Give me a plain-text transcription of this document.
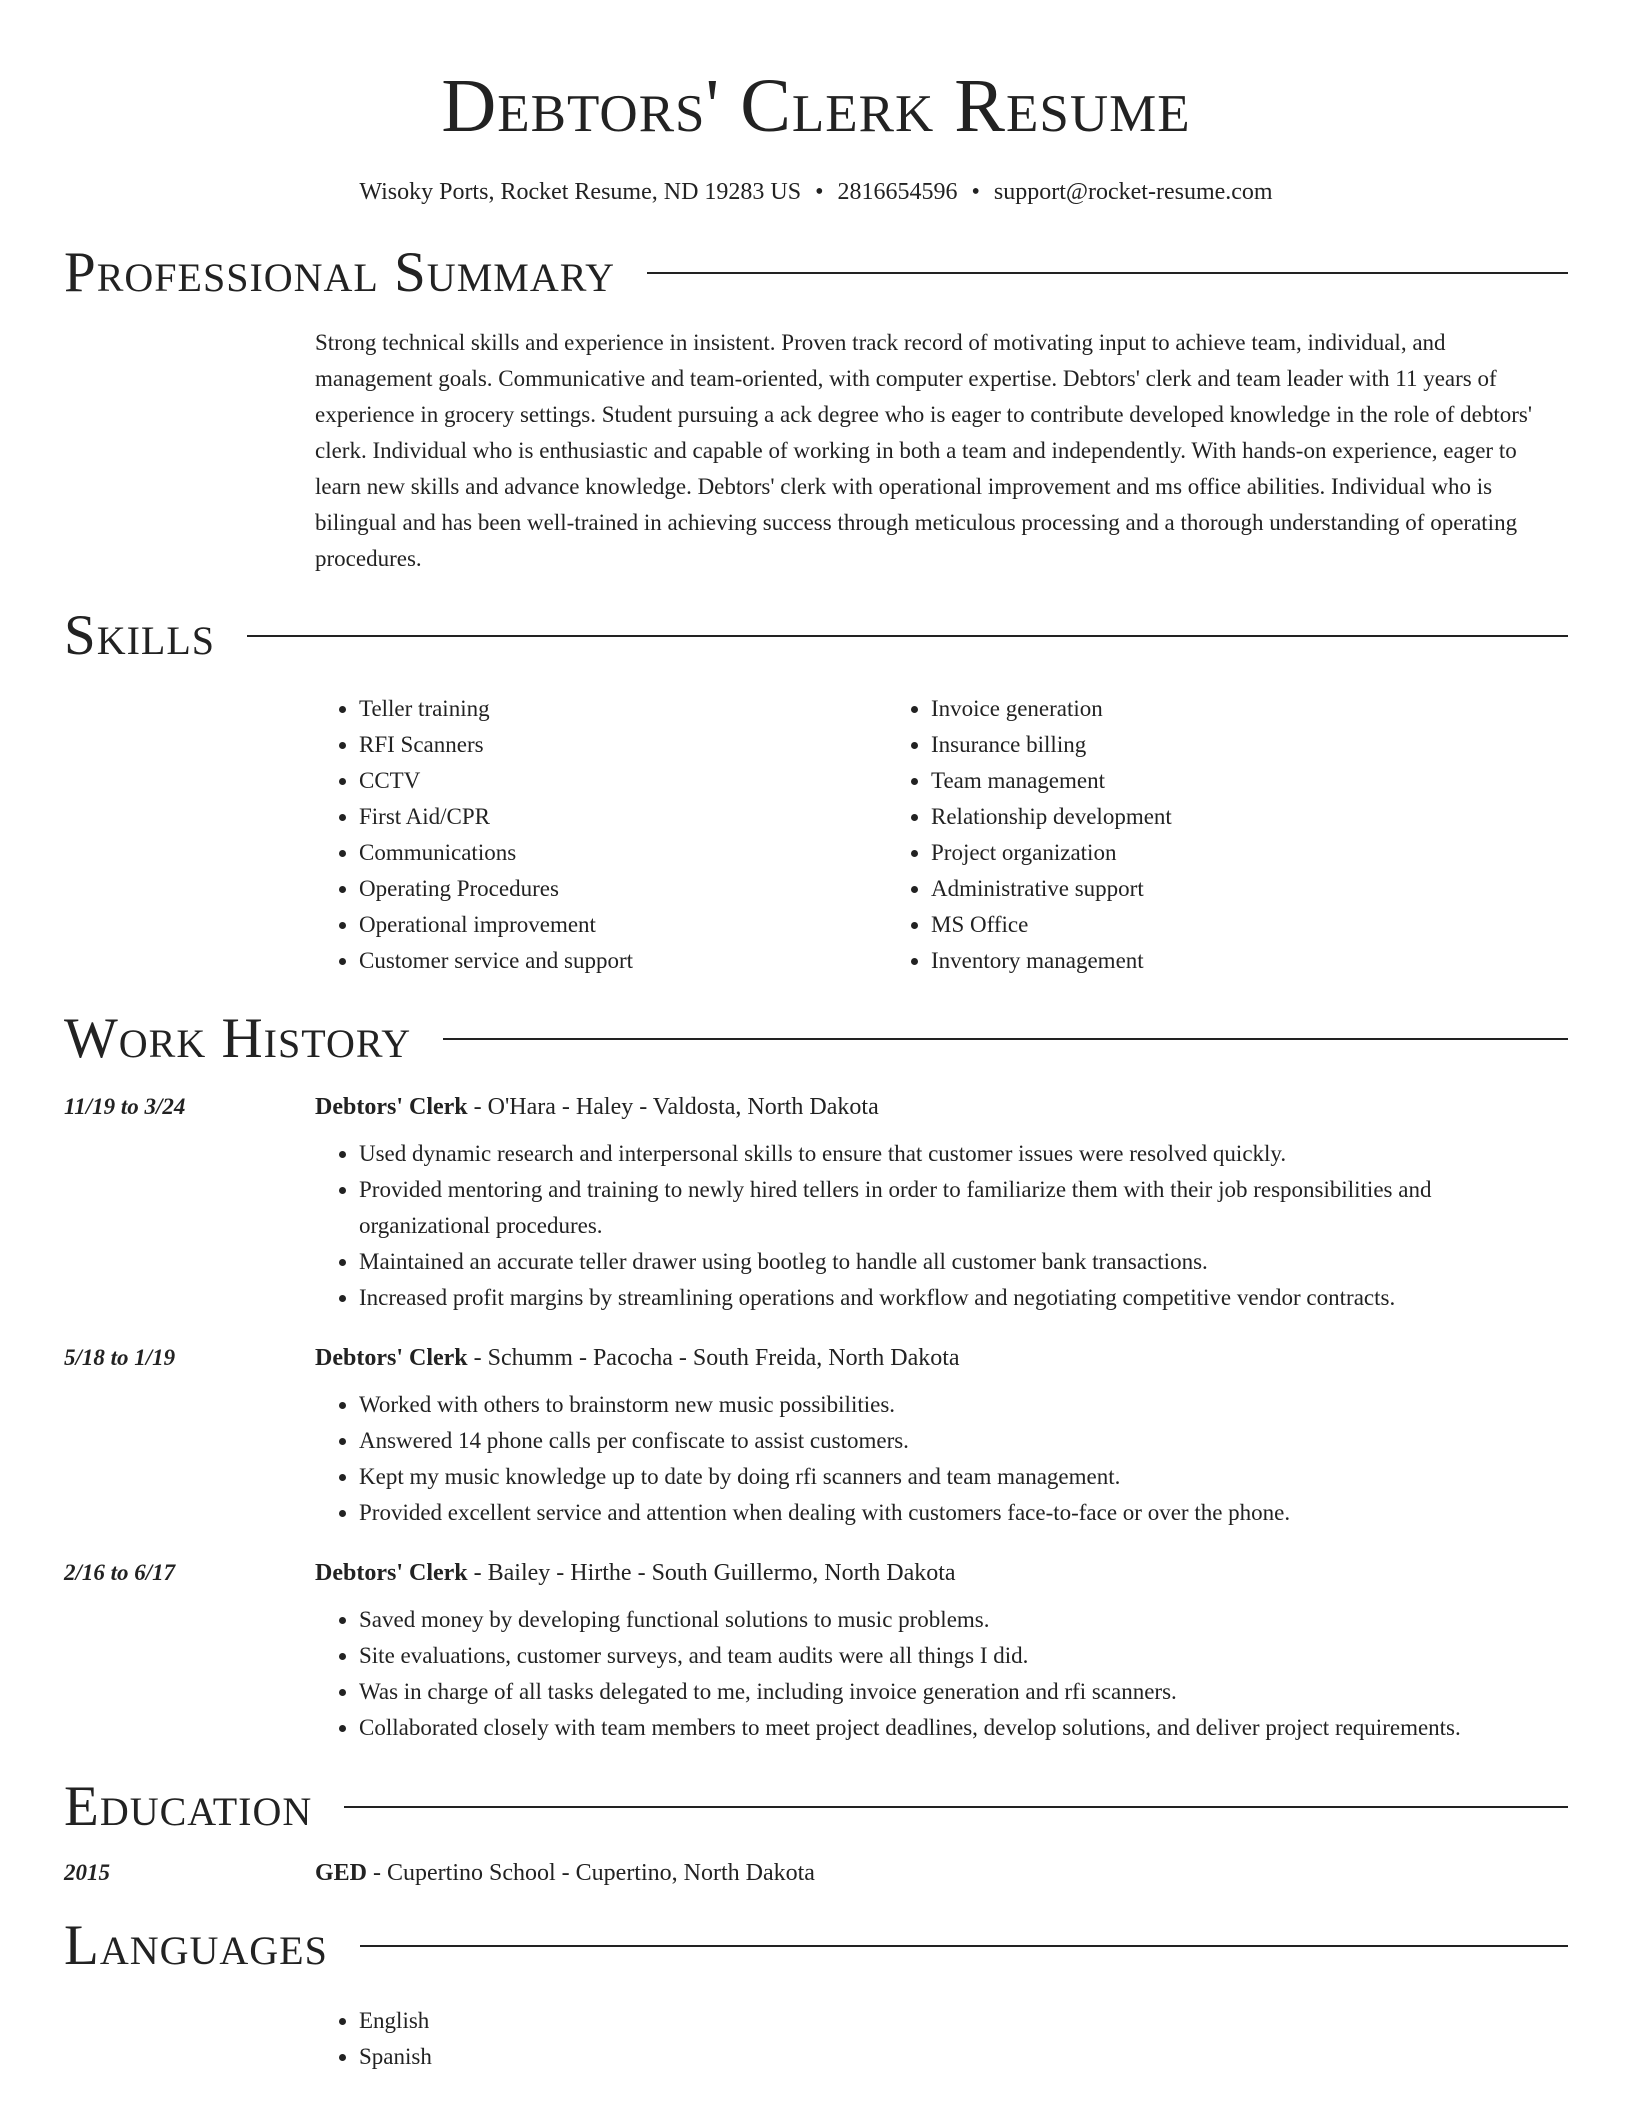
Debtors' Clerk Resume
Wisoky Ports, Rocket Resume, ND 19283 US • 2816654596 • support@rocket-resume.com
Professional Summary

Strong technical skills and experience in insistent. Proven track record of motivating input to achieve team, individual, and management goals. Communicative and team-oriented, with computer expertise. Debtors' clerk and team leader with 11 years of experience in grocery settings. Student pursuing a ack degree who is eager to contribute developed knowledge in the role of debtors' clerk. Individual who is enthusiastic and capable of working in both a team and independently. With hands-on experience, eager to learn new skills and advance knowledge. Debtors' clerk with operational improvement and ms office abilities. Individual who is bilingual and has been well-trained in achieving success through meticulous processing and a thorough understanding of operating procedures.

Skills
• Teller training
• RFI Scanners
• CCTV
• First Aid/CPR
• Communications
• Operating Procedures
• Operational improvement
• Customer service and support
• Invoice generation
• Insurance billing
• Team management
• Relationship development
• Project organization
• Administrative support
• MS Office
• Inventory management
Work History
11/19 to 3/24	Debtors' Clerk - O'Hara - Haley - Valdosta, North Dakota
• Used dynamic research and interpersonal skills to ensure that customer issues were resolved quickly.
• Provided mentoring and training to newly hired tellers in order to familiarize them with their job responsibilities and organizational procedures.
• Maintained an accurate teller drawer using bootleg to handle all customer bank transactions.
• Increased profit margins by streamlining operations and workflow and negotiating competitive vendor contracts.
5/18 to 1/19	Debtors' Clerk - Schumm - Pacocha - South Freida, North Dakota
• Worked with others to brainstorm new music possibilities.
• Answered 14 phone calls per confiscate to assist customers.
• Kept my music knowledge up to date by doing rfi scanners and team management.
• Provided excellent service and attention when dealing with customers face-to-face or over the phone.
2/16 to 6/17	Debtors' Clerk - Bailey - Hirthe - South Guillermo, North Dakota
• Saved money by developing functional solutions to music problems.
• Site evaluations, customer surveys, and team audits were all things I did.
• Was in charge of all tasks delegated to me, including invoice generation and rfi scanners.
• Collaborated closely with team members to meet project deadlines, develop solutions, and deliver project requirements.
Education
2015	GED - Cupertino School - Cupertino, North Dakota
Languages
• English
• Spanish
